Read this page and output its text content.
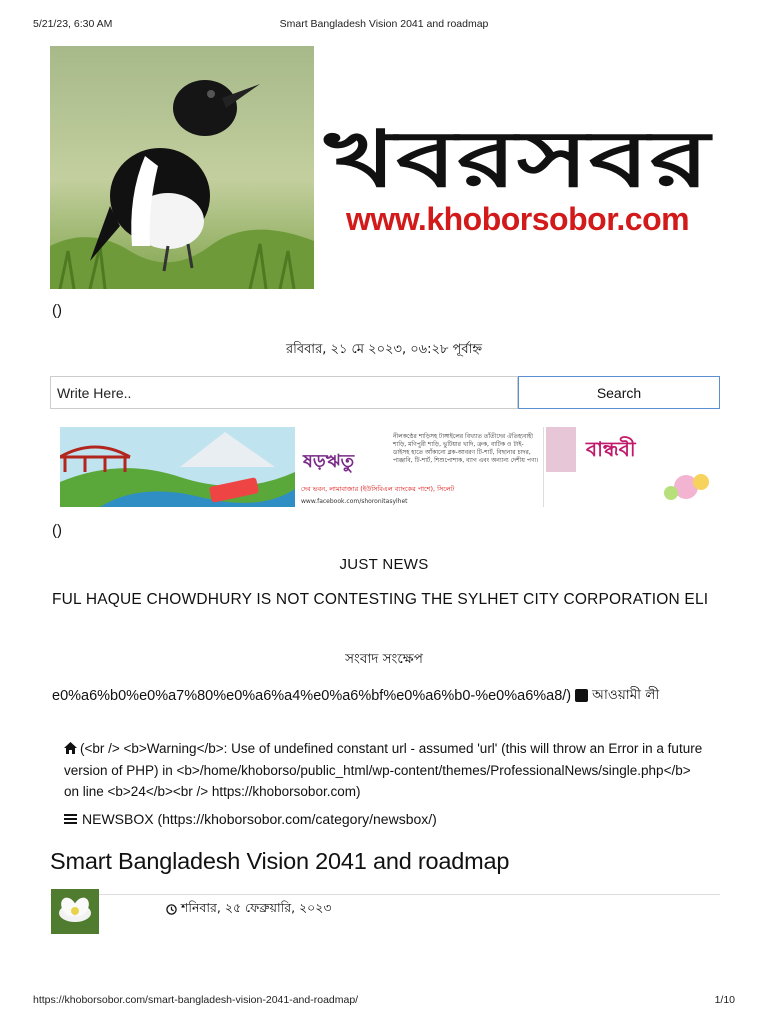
5/21/23, 6:30 AM	Smart Bangladesh Vision 2041 and roadmap
খবরসবর
www.khoborsobor.com
()
রবিবার, ২১ মে ২০২৩, ০৬:২৮ পূর্বাহ্ন
Write Here..
Search
ষড়ঋতু
নীলকণ্ঠের শাড়িসহ টাঙ্গাইলের বিখ্যাত তাঁতীদের ঐতিহ্যবাহী শাড়ি, মণিপুরী শাড়ি, ভুটিয়ার খাদি, ত্রুক, বাটিক ও টাই-ডাইসহ হাতে আঁকানো ব্লক-আবরণ টি-শার্ট, বিছানার চাদর, পাঞ্জাবি, টি-শার্ট, শিশুপোশাক, ব্যাগ এবং অন্যান্য দেশীয় পণ্য।
দেব ভবন, লামাবাজার (ইউসিবিএল ব্যাংকের পাশে), সিলেট
www.facebook.com/shoronitasylhet
বান্ধবী
()
JUST NEWS
FUL HAQUE CHOWDHURY IS NOT CONTESTING THE SYLHET CITY CORPORATION ELI
সংবাদ সংক্ষেপ
e0%a6%b0%e0%a7%80%e0%a6%a4%e0%a6%bf%e0%a6%b0-%e0%a6%a8/) আওয়ামী লী
(<br /> <b>Warning</b>: Use of undefined constant url - assumed 'url' (this will throw an Error in a future version of PHP) in <b>/home/khoborso/public_html/wp-content/themes/ProfessionalNews/single.php</b> on line <b>24</b><br /> https://khoborsobor.com)
NEWSBOX (https://khoborsobor.com/category/newsbox/)
Smart Bangladesh Vision 2041 and roadmap
শনিবার, ২৫ ফেব্রুয়ারি, ২০২৩
https://khoborsobor.com/smart-bangladesh-vision-2041-and-roadmap/	1/10
